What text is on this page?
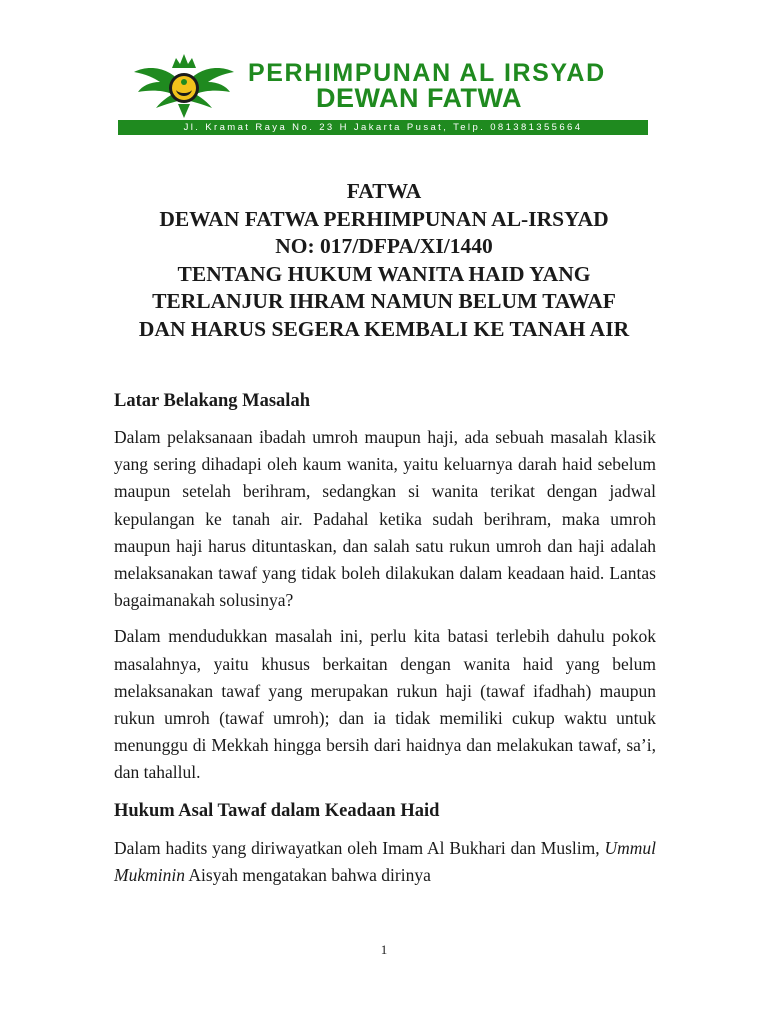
PERHIMPUNAN AL IRSYAD
DEWAN FATWA
Jl. Kramat Raya No. 23 H Jakarta Pusat, Telp. 081381355664
FATWA
DEWAN FATWA PERHIMPUNAN AL-IRSYAD
NO: 017/DFPA/XI/1440
TENTANG HUKUM WANITA HAID YANG
TERLANJUR IHRAM NAMUN BELUM TAWAF
DAN HARUS SEGERA KEMBALI KE TANAH AIR

Latar Belakang Masalah

Dalam pelaksanaan ibadah umroh maupun haji, ada sebuah masalah klasik yang sering dihadapi oleh kaum wanita, yaitu keluarnya darah haid sebelum maupun setelah berihram, sedangkan si wanita terikat dengan jadwal kepulangan ke tanah air. Padahal ketika sudah berihram, maka umroh maupun haji harus dituntaskan, dan salah satu rukun umroh dan haji adalah melaksanakan tawaf yang tidak boleh dilakukan dalam keadaan haid. Lantas bagaimanakah solusinya?

Dalam mendudukkan masalah ini, perlu kita batasi terlebih dahulu pokok masalahnya, yaitu khusus berkaitan dengan wanita haid yang belum melaksanakan tawaf yang merupakan rukun haji (tawaf ifadhah) maupun rukun umroh (tawaf umroh); dan ia tidak memiliki cukup waktu untuk menunggu di Mekkah hingga bersih dari haidnya dan melakukan tawaf, sa’i, dan tahallul.

Hukum Asal Tawaf dalam Keadaan Haid

Dalam hadits yang diriwayatkan oleh Imam Al Bukhari dan Muslim, Ummul Mukminin Aisyah mengatakan bahwa dirinya

1
